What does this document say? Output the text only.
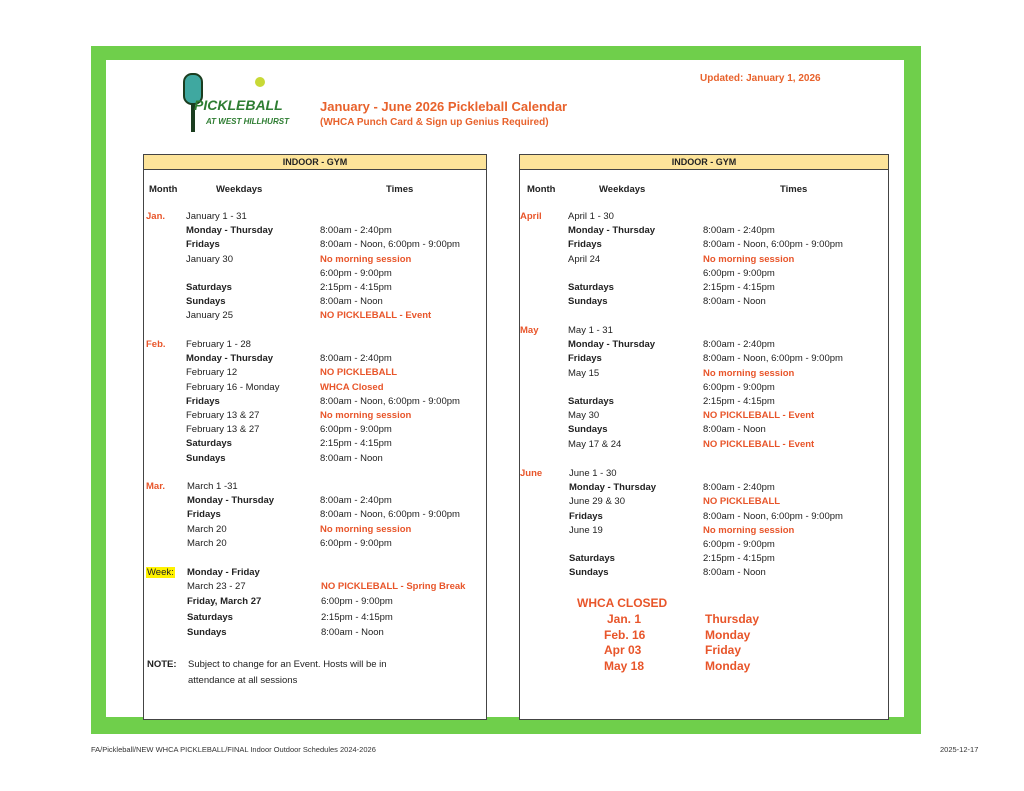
PICKLEBALL
AT WEST HILLHURST
Updated: January 1, 2026
January - June 2026 Pickleball Calendar
(WHCA Punch Card & Sign up Genius Required)
INDOOR - GYM
Month	Weekdays	Times
INDOOR - GYM
Month	Weekdays	Times
Jan. January 1 - 31
Monday - Thursday	8:00am - 2:40pm
Fridays	8:00am - Noon, 6:00pm - 9:00pm
January 30	No morning session
6:00pm - 9:00pm
Saturdays	2:15pm - 4:15pm
Sundays	8:00am - Noon
January 25	NO PICKLEBALL - Event
Feb. February 1 - 28
Monday - Thursday	8:00am - 2:40pm
February 12	NO PICKLEBALL
February 16 - Monday	WHCA Closed
Fridays	8:00am - Noon, 6:00pm - 9:00pm
February 13 & 27	No morning session
February 13 & 27	6:00pm - 9:00pm
Saturdays	2:15pm - 4:15pm
Sundays	8:00am - Noon
Mar. March 1 -31
Monday - Thursday	8:00am - 2:40pm
Fridays	8:00am - Noon, 6:00pm - 9:00pm
March 20	No morning session
March 20	6:00pm - 9:00pm
Week: Monday - Friday
March 23 - 27	NO PICKLEBALL - Spring Break
Friday, March 27	6:00pm - 9:00pm
Saturdays	2:15pm - 4:15pm
Sundays	8:00am - Noon
April	April 1 - 30
Monday - Thursday	8:00am - 2:40pm
Fridays	8:00am - Noon, 6:00pm - 9:00pm
April 24	No morning session
6:00pm - 9:00pm
Saturdays	2:15pm - 4:15pm
Sundays	8:00am - Noon
May	May 1 - 31
Monday - Thursday	8:00am - 2:40pm
Fridays	8:00am - Noon, 6:00pm - 9:00pm
May 15	No morning session
6:00pm - 9:00pm
Saturdays	2:15pm - 4:15pm
May 30	NO PICKLEBALL - Event
Sundays	8:00am - Noon
May 17 & 24	NO PICKLEBALL - Event
June	June 1 - 30
Monday - Thursday	8:00am - 2:40pm
June 29 & 30	NO PICKLEBALL
Fridays	8:00am - Noon, 6:00pm - 9:00pm
June 19	No morning session
6:00pm - 9:00pm
Saturdays	2:15pm - 4:15pm
Sundays	8:00am - Noon
NOTE: Subject to change for an Event. Hosts will be in
attendance at all sessions
WHCA CLOSED
Jan. 1	Thursday
Feb. 16	Monday
Apr 03	Friday
May 18	Monday
FA/Pickleball/NEW WHCA PICKLEBALL/FINAL Indoor Outdoor Schedules 2024-2026	2025-12-17
